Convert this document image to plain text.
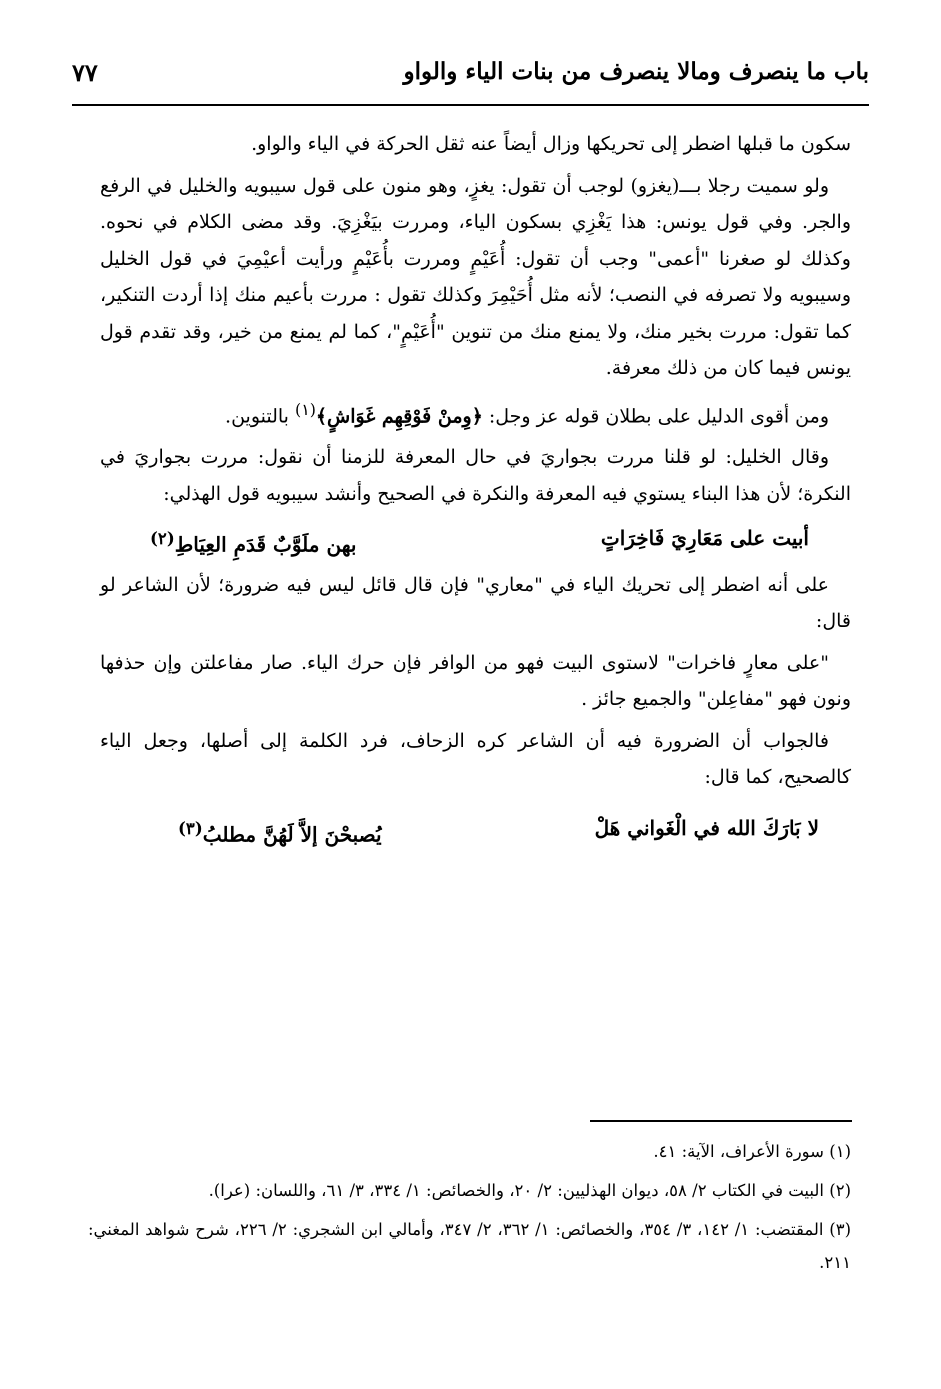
باب ما ينصرف ومالا ينصرف من بنات الياء والواو
٧٧

سكون ما قبلها اضطر إلى تحريكها وزال أيضاً عنه ثقل الحركة في الياء والواو.

ولو سميت رجلا بـــ(يغزو) لوجب أن تقول: يغزٍ، وهو منون على قول سيبويه والخليل في الرفع والجر. وفي قول يونس: هذا يَغْزِي بسكون الياء، ومررت بيَغْزِيَ. وقد مضى الكلام في نحوه. وكذلك لو صغرنا "أعمى" وجب أن تقول: أُعَيْمٍ ومررت بأُعَيْمٍ ورأيت أعيْمِيَ في قول الخليل وسيبويه ولا تصرفه في النصب؛ لأنه مثل أُحَيْمِرَ وكذلك تقول : مررت بأعيم منك إذا أردت التنكير، كما تقول: مررت بخير منك، ولا يمنع منك من تنوين "أُعَيْمٍ"، كما لم يمنع من خير، وقد تقدم قول يونس فيما كان من ذلك معرفة.

ومن أقوى الدليل على بطلان قوله عز وجل: ﴿وِمنْ فَوْقِهِم غَوَاشٍ﴾$^{(١)}$ بالتنوين.

وقال الخليل: لو قلنا مررت بجواريَ في حال المعرفة للزمنا أن نقول: مررت بجواريَ في النكرة؛ لأن هذا البناء يستوي فيه المعرفة والنكرة في الصحيح وأنشد سيبويه قول الهذلي:

أبيت على مَعَارِيَ فَاخِرَاتٍ
بهن ملَوَّبٌ قَدَمِ العِيَاطِ$^{(٢)}$

على أنه اضطر إلى تحريك الياء في "معاري" فإن قال قائل ليس فيه ضرورة؛ لأن الشاعر لو قال:

"على معارٍ فاخرات" لاستوى البيت فهو من الوافر فإن حرك الياء. صار مفاعلتن وإن حذفها ونون فهو "مفاعِلن" والجميع جائز .

فالجواب أن الضرورة فيه أن الشاعر كره الزحاف، فرد الكلمة إلى أصلها، وجعل الياء كالصحيح، كما قال:

لا بَارَكَ الله في الْغَواني هَلْ
يُصبحْنَ إلاَّ لَهُنَّ مطلبُ$^{(٣)}$

(١) سورة الأعراف، الآية: ٤١.

(٢) البيت في الكتاب ٢/ ٥٨، ديوان الهذليين: ٢/ ٢٠، والخصائص: ١/ ٣٣٤، ٣/ ٦١، واللسان: (عرا).

(٣) المقتضب: ١/ ١٤٢، ٣/ ٣٥٤، والخصائص: ١/ ٣٦٢، ٢/ ٣٤٧، وأمالي ابن الشجري: ٢/ ٢٢٦، شرح شواهد المغني: ٢١١.
